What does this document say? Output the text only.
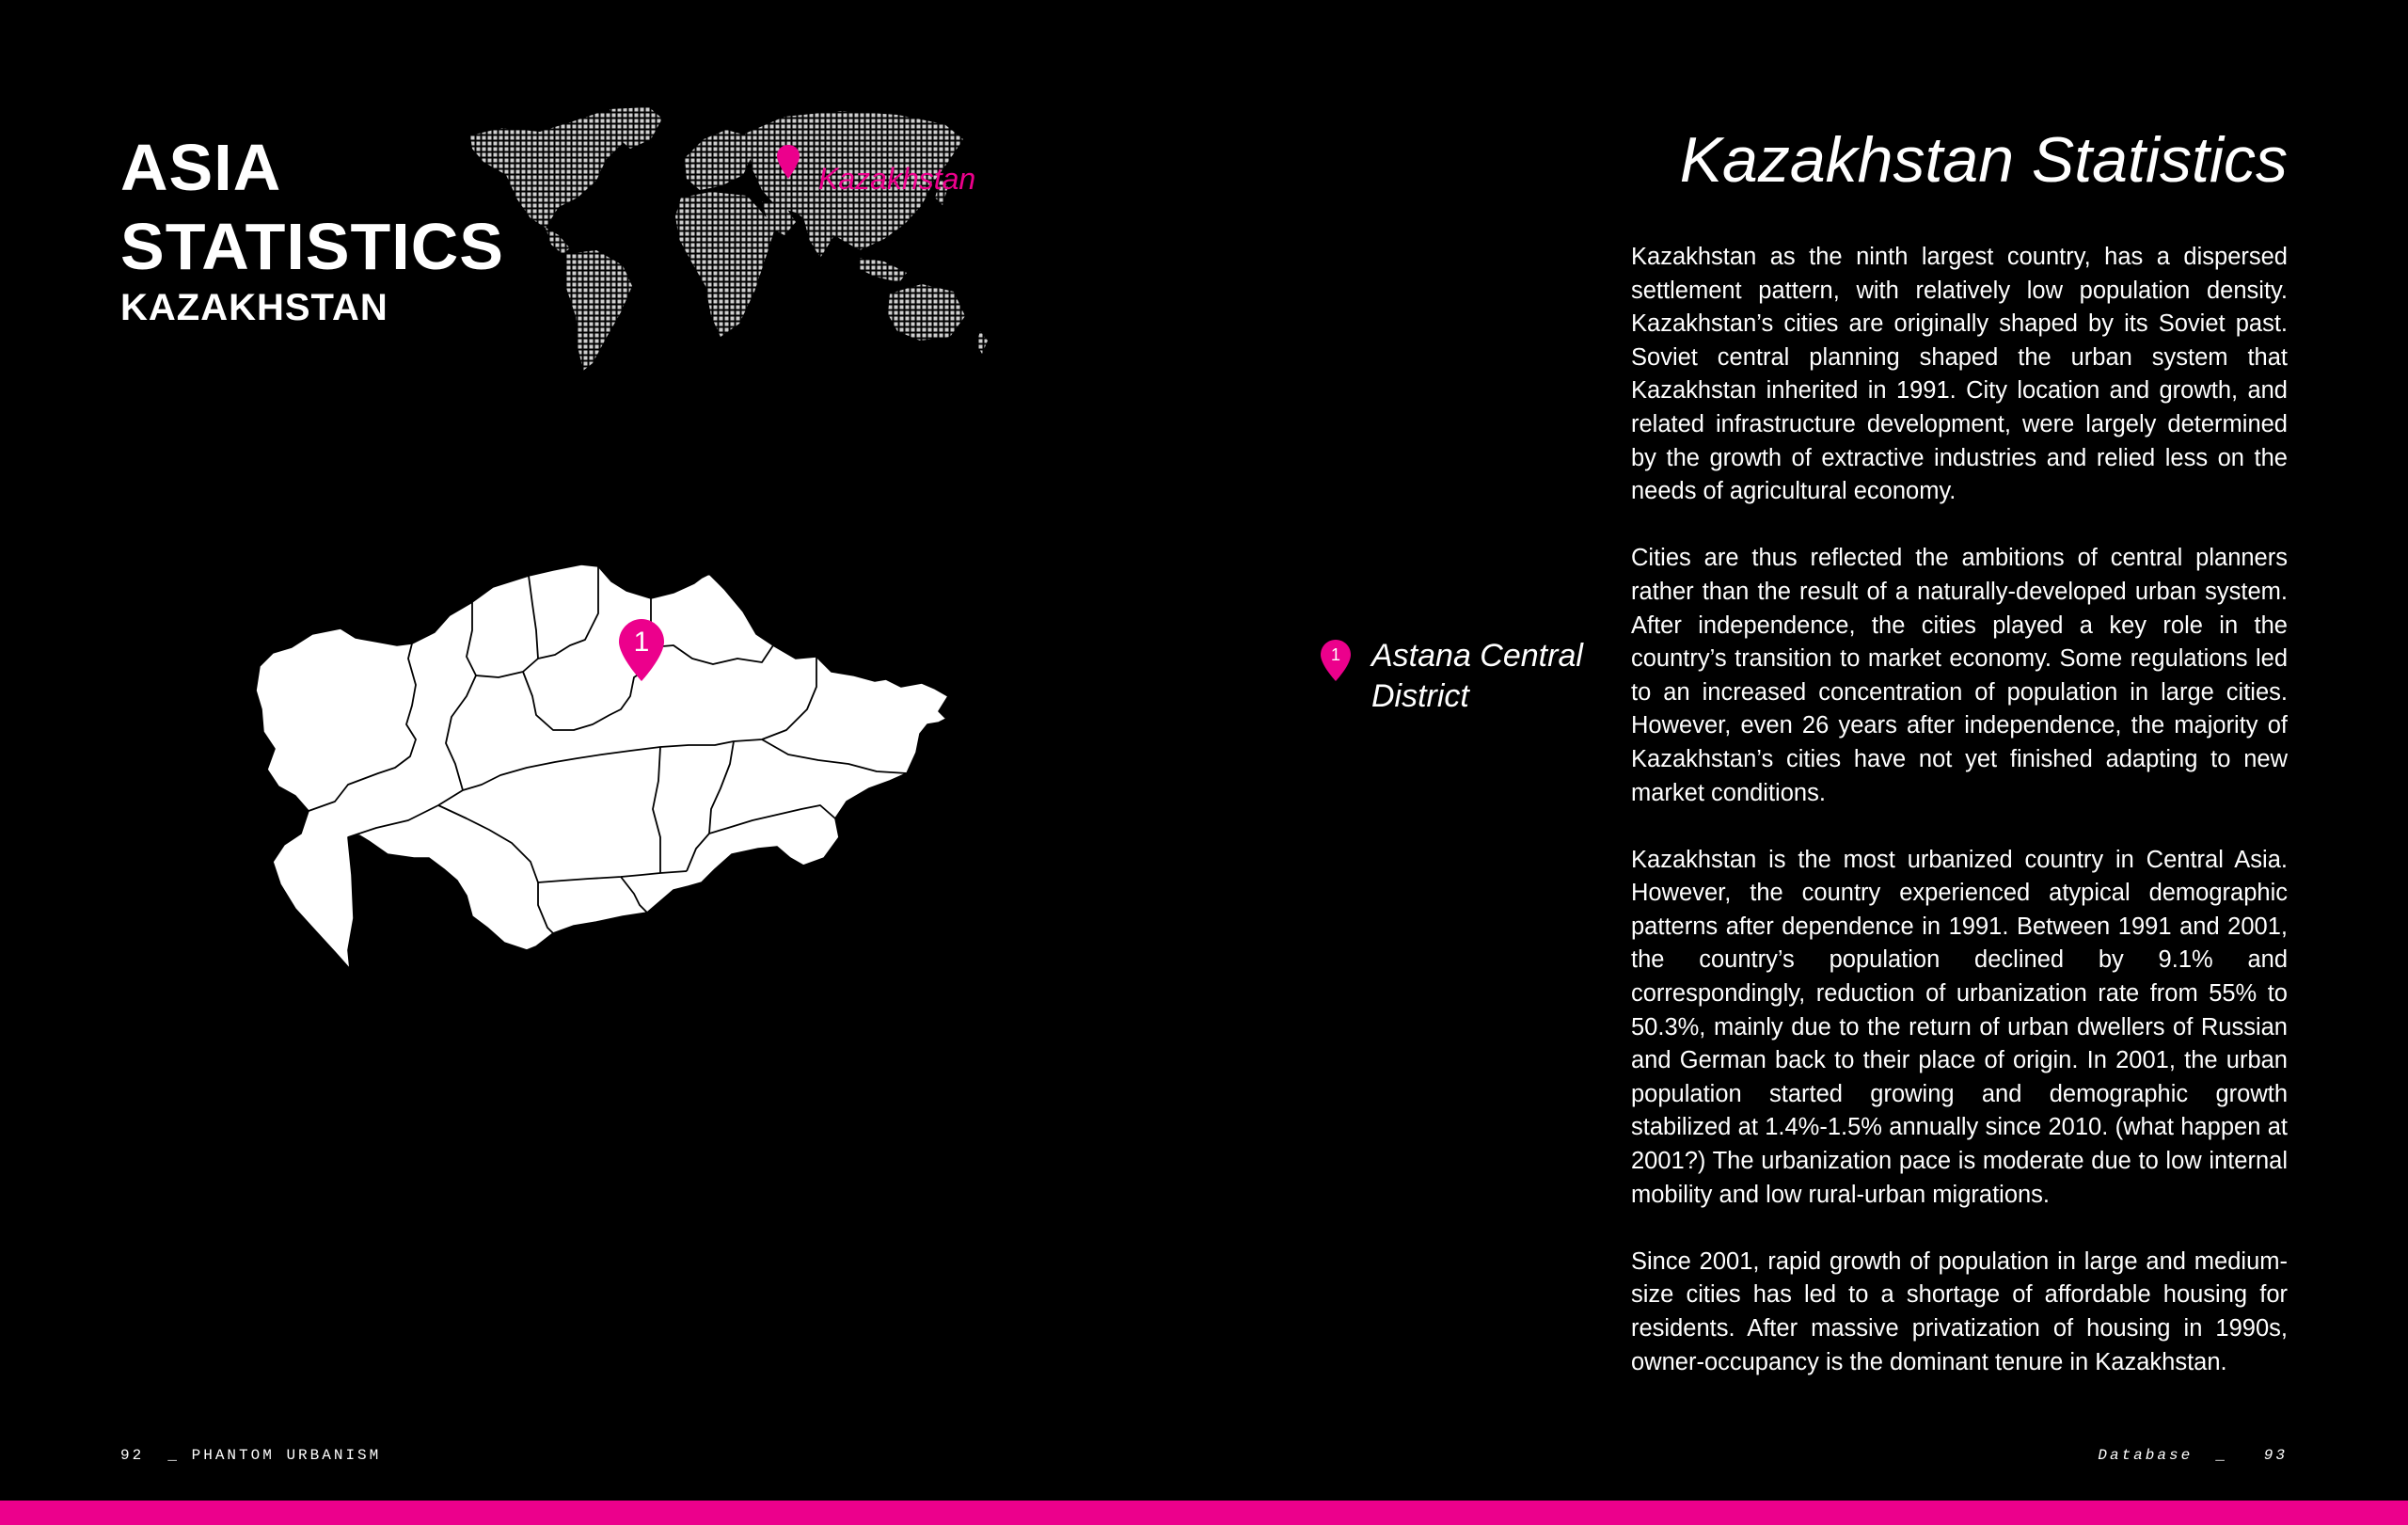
ASIA
STATISTICS
KAZAKHSTAN
Kazakhstan
1
92 _ PHANTOM URBANISM
1 Astana Central District
Kazakhstan Statistics
Database _ 93

Kazakhstan as the ninth largest country, has a dispersed settlement pattern, with relatively low population density. Kazakhstan’s cities are originally shaped by its Soviet past. Soviet central planning shaped the urban system that Kazakhstan inherited in 1991. City location and growth, and related infrastructure development, were largely determined by the growth of extractive industries and relied less on the needs of agricultural economy.

Cities are thus reflected the ambitions of central planners rather than the result of a naturally-developed urban system. After independence, the cities played a key role in the country’s transition to market economy. Some regulations led to an increased concentration of population in large cities. However, even 26 years after independence, the majority of Kazakhstan’s cities have not yet finished adapting to new market conditions.

Kazakhstan is the most urbanized country in Central Asia. However, the country experienced atypical demographic patterns after dependence in 1991. Between 1991 and 2001, the country’s population declined by 9.1% and correspondingly, reduction of urbanization rate from 55% to 50.3%, mainly due to the return of urban dwellers of Russian and German back to their place of origin. In 2001, the urban population started growing and demographic growth stabilized at 1.4%-1.5% annually since 2010. (what happen at 2001?) The urbanization pace is moderate due to low internal mobility and low rural-urban migrations.

Since 2001, rapid growth of population in large and medium-size cities has led to a shortage of affordable housing for residents. After massive privatization of housing in 1990s, owner-occupancy is the dominant tenure in Kazakhstan.
